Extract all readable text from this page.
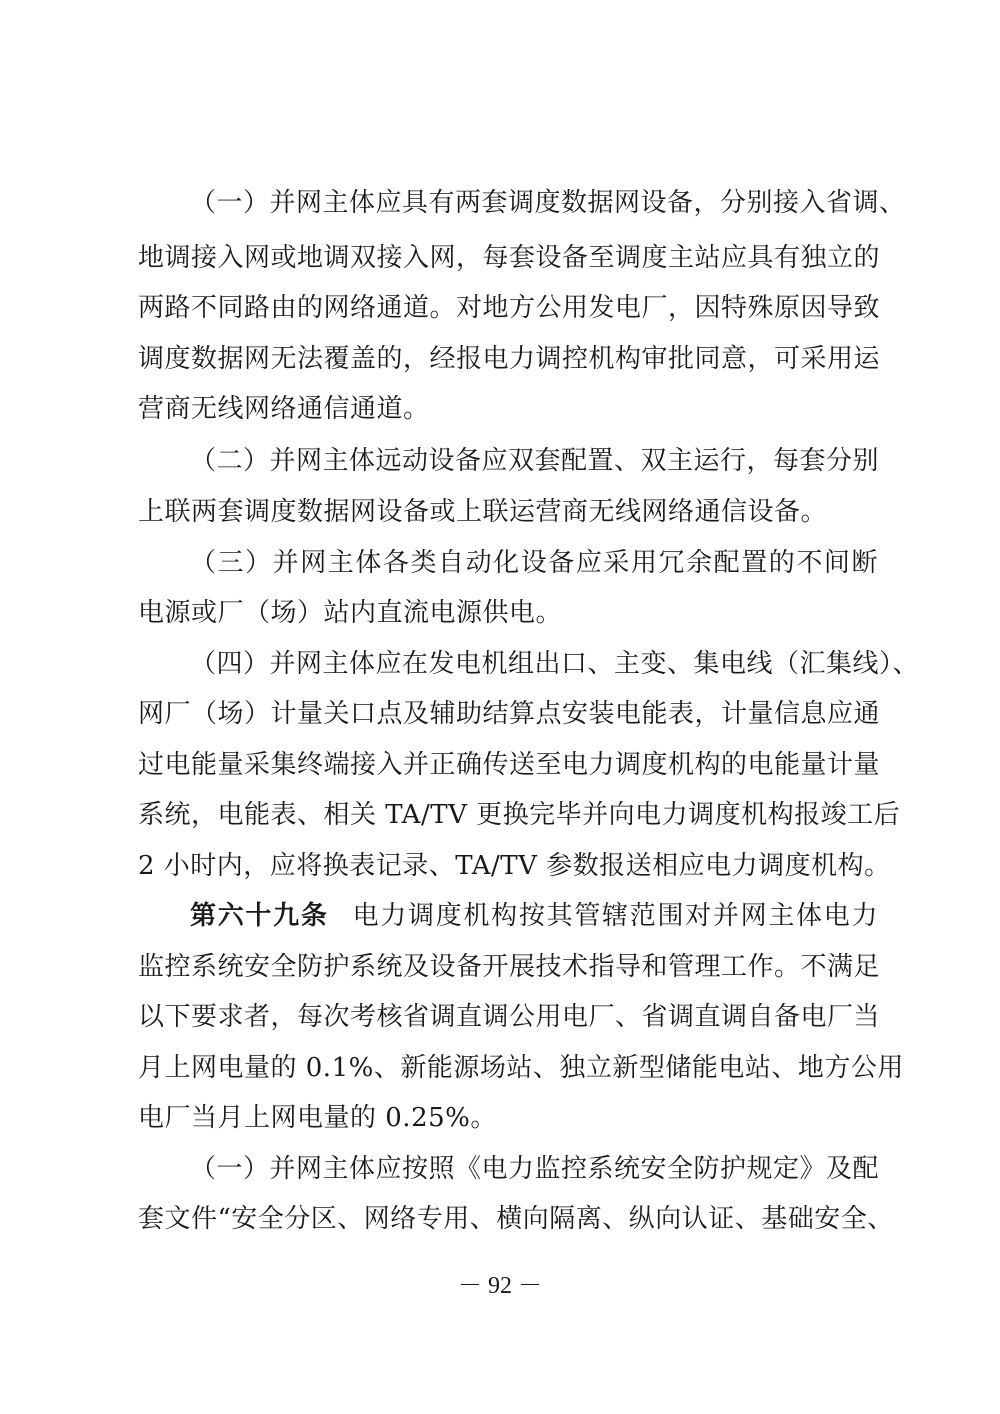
（一）并网主体应具有两套调度数据网设备，分别接入省调、
地调接入网或地调双接入网，每套设备至调度主站应具有独立的
两路不同路由的网络通道。对地方公用发电厂，因特殊原因导致
调度数据网无法覆盖的，经报电力调控机构审批同意，可采用运
营商无线网络通信通道。
（二）并网主体远动设备应双套配置、双主运行，每套分别
上联两套调度数据网设备或上联运营商无线网络通信设备。
（三）并网主体各类自动化设备应采用冗余配置的不间断
电源或厂（场）站内直流电源供电。
（四）并网主体应在发电机组出口、主变、集电线（汇集线）、
网厂（场）计量关口点及辅助结算点安装电能表，计量信息应通
过电能量采集终端接入并正确传送至电力调度机构的电能量计量
系统，电能表、相关 TA/TV 更换完毕并向电力调度机构报竣工后
2 小时内，应将换表记录、TA/TV 参数报送相应电力调度机构。
第六十九条 电力调度机构按其管辖范围对并网主体电力
监控系统安全防护系统及设备开展技术指导和管理工作。不满足
以下要求者，每次考核省调直调公用电厂、省调直调自备电厂当
月上网电量的 0.1%、新能源场站、独立新型储能电站、地方公用
电厂当月上网电量的 0.25%。
（一）并网主体应按照《电力监控系统安全防护规定》及配
套文件“安全分区、网络专用、横向隔离、纵向认证、基础安全、
－ 92 －
